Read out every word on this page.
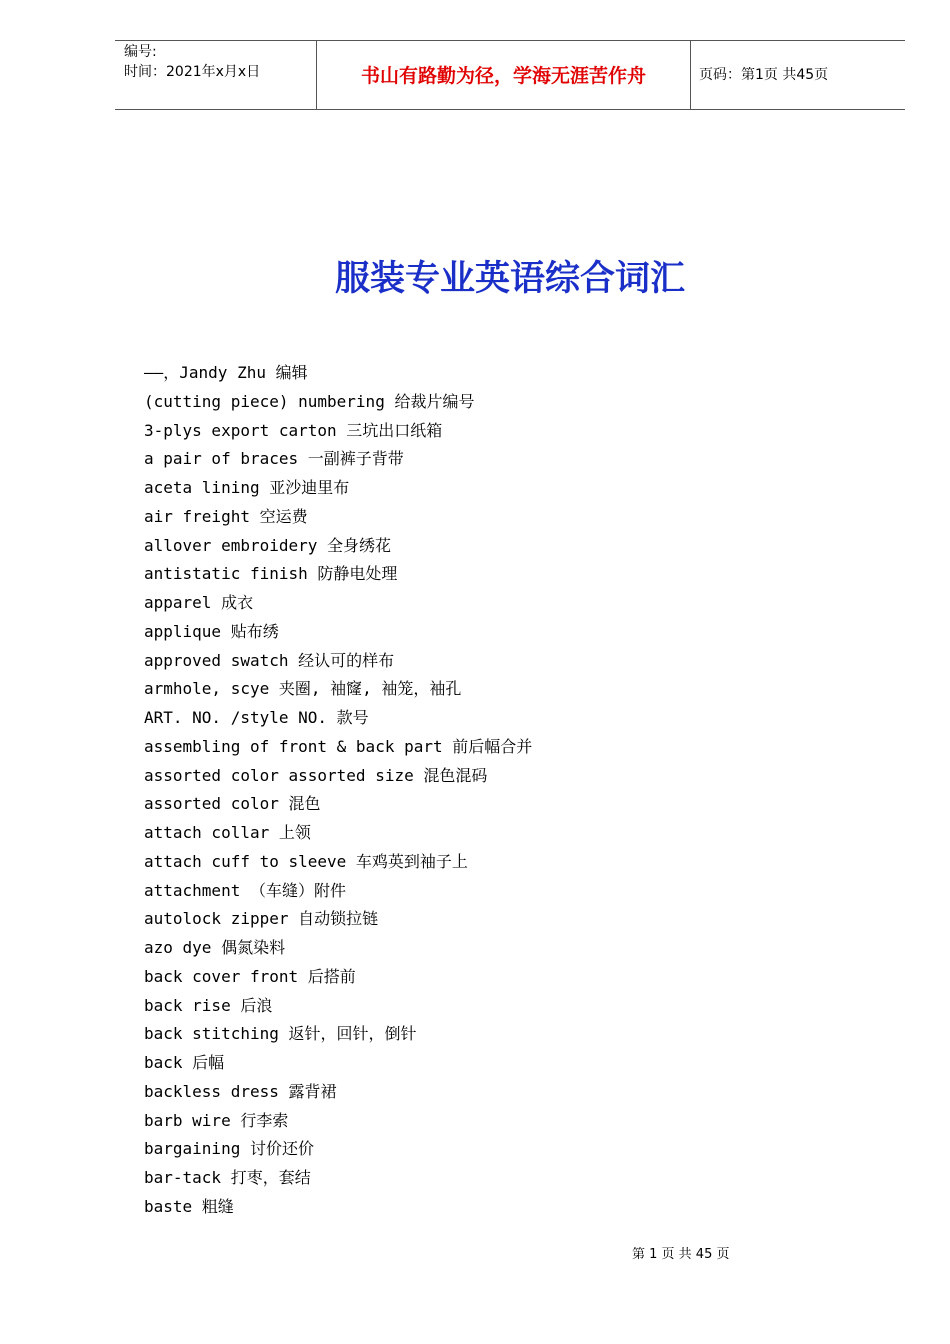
编号:
时间：2021年x月x日	书山有路勤为径，学海无涯苦作舟	页码：第1页 共45页
服装专业英语综合词汇
——，Jandy Zhu 编辑
(cutting piece) numbering 给裁片编号
3-plys export carton 三坑出口纸箱
a pair of braces 一副裤子背带
aceta lining 亚沙迪里布
air freight 空运费
allover embroidery 全身绣花
antistatic finish 防静电处理
apparel 成衣
applique 贴布绣
approved swatch 经认可的样布
armhole, scye 夹圈, 袖窿, 袖笼，袖孔
ART. NO. /style NO. 款号
assembling of front & back part 前后幅合并
assorted color assorted size 混色混码
assorted color 混色
attach collar 上领
attach cuff to sleeve 车鸡英到袖子上
attachment （车缝）附件
autolock zipper 自动锁拉链
azo dye 偶氮染料
back cover front 后搭前
back rise 后浪
back stitching 返针，回针，倒针
back 后幅
backless dress 露背裙
barb wire 行李索
bargaining 讨价还价
bar-tack 打枣，套结
baste 粗缝
第 1 页 共 45 页
